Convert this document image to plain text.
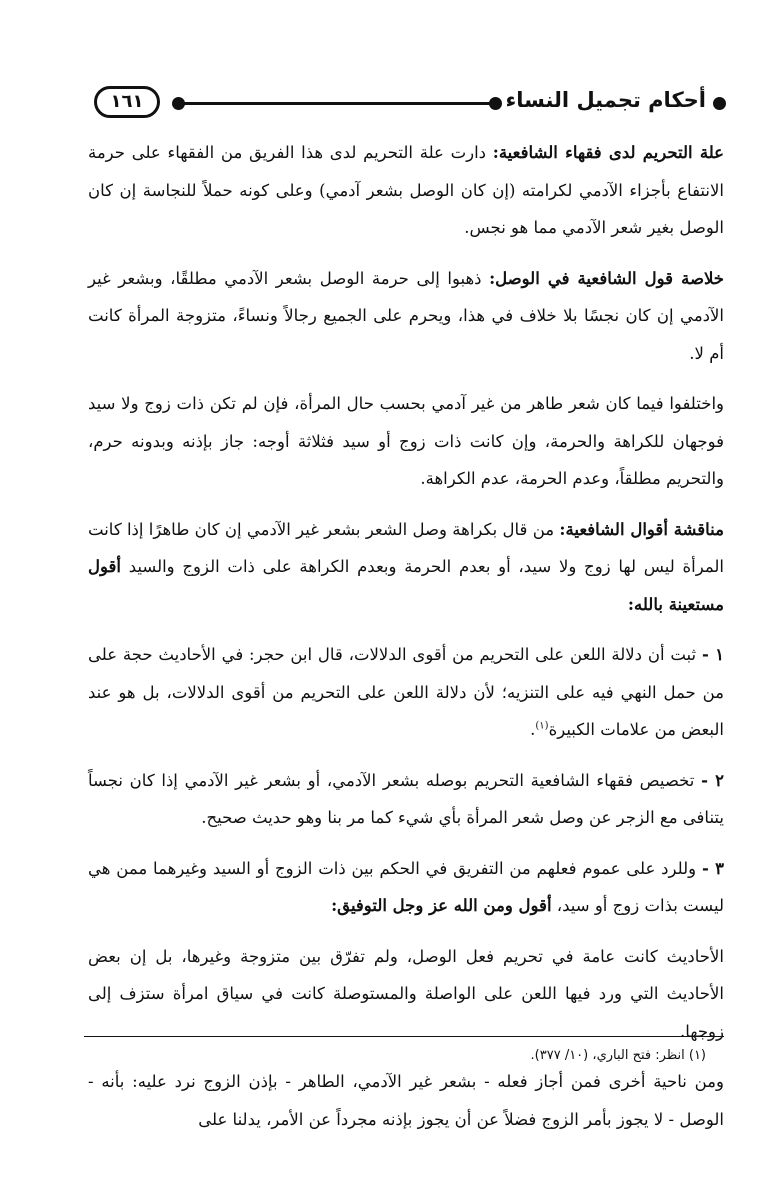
أحكام تجميل النساء
١٦١

علة التحريم لدى فقهاء الشافعية: دارت علة التحريم لدى هذا الفريق من الفقهاء على حرمة الانتفاع بأجزاء الآدمي لكرامته (إن كان الوصل بشعر آدمي) وعلى كونه حملاً للنجاسة إن كان الوصل بغير شعر الآدمي مما هو نجس.

خلاصة قول الشافعية في الوصل: ذهبوا إلى حرمة الوصل بشعر الآدمي مطلقًا، وبشعر غير الآدمي إن كان نجسًا بلا خلاف في هذا، ويحرم على الجميع رجالاً ونساءً، متزوجة المرأة كانت أم لا.

واختلفوا فيما كان شعر طاهر من غير آدمي بحسب حال المرأة، فإن لم تكن ذات زوج ولا سيد فوجهان للكراهة والحرمة، وإن كانت ذات زوج أو سيد فثلاثة أوجه: جاز بإذنه وبدونه حرم، والتحريم مطلقاً، وعدم الحرمة، عدم الكراهة.

مناقشة أقوال الشافعية: من قال بكراهة وصل الشعر بشعر غير الآدمي إن كان طاهرًا إذا كانت المرأة ليس لها زوج ولا سيد، أو بعدم الحرمة وبعدم الكراهة على ذات الزوج والسيد أقول مستعينة بالله:

١ - ثبت أن دلالة اللعن على التحريم من أقوى الدلالات، قال ابن حجر: في الأحاديث حجة على من حمل النهي فيه على التنزيه؛ لأن دلالة اللعن على التحريم من أقوى الدلالات، بل هو عند البعض من علامات الكبيرة$^{(١)}$.

٢ - تخصيص فقهاء الشافعية التحريم بوصله بشعر الآدمي، أو بشعر غير الآدمي إذا كان نجساً يتنافى مع الزجر عن وصل شعر المرأة بأي شيء كما مر بنا وهو حديث صحيح.

٣ - وللرد على عموم فعلهم من التفريق في الحكم بين ذات الزوج أو السيد وغيرهما ممن هي ليست بذات زوج أو سيد، أقول ومن الله عز وجل التوفيق:

الأحاديث كانت عامة في تحريم فعل الوصل، ولم تفرّق بين متزوجة وغيرها، بل إن بعض الأحاديث التي ورد فيها اللعن على الواصلة والمستوصلة كانت في سياق امرأة ستزف إلى زوجها.

ومن ناحية أخرى فمن أجاز فعله - بشعر غير الآدمي، الطاهر - بإذن الزوج نرد عليه: بأنه - الوصل - لا يجوز بأمر الزوج فضلاً عن أن يجوز بإذنه مجرداً عن الأمر، يدلنا على

(١) انظر: فتح الباري، (١٠/ ٣٧٧).
